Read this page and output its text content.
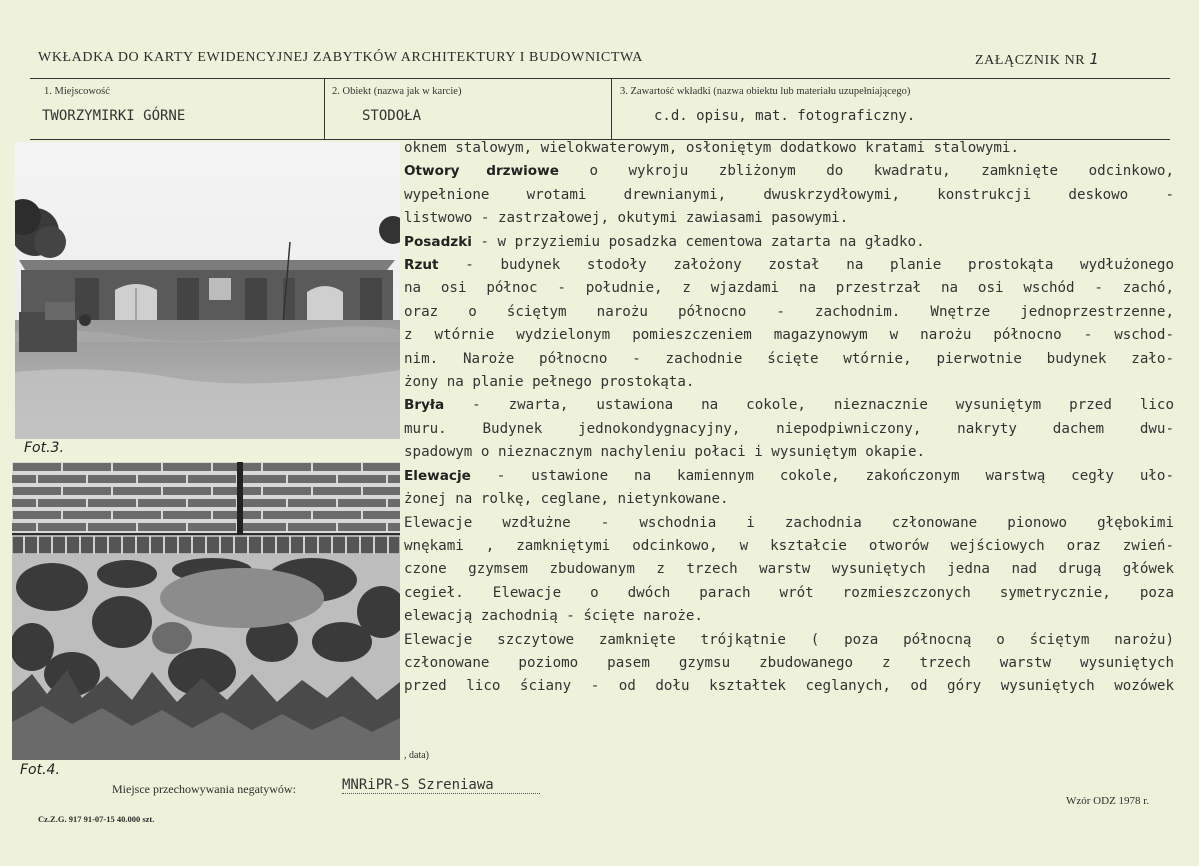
WKŁADKA DO KARTY EWIDENCYJNEJ ZABYTKÓW ARCHITEKTURY I BUDOWNICTWA	ZAŁĄCZNIK NR 1
1. Miejscowość
TWORZYMIRKI GÓRNE
2. Obiekt (nazwa jak w karcie)
STODOŁA
3. Zawartość wkładki (nazwa obiektu lub materiału uzupełniającego)
c.d. opisu, mat. fotograficzny.
Fot.3.
Fot.4.

oknem stalowym, wielokwaterowym, osłoniętym dodatkowo kratami stalowymi.

Otwory drzwiowe o wykroju zbliżonym do kwadratu, zamknięte odcinkowo,

wypełnione wrotami drewnianymi, dwuskrzydłowymi, konstrukcji deskowo -

listwowo - zastrzałowej, okutymi zawiasami pasowymi.

Posadzki - w przyziemiu posadzka cementowa zatarta na gładko.

Rzut - budynek stodoły założony został na planie prostokąta wydłużonego

na osi północ - południe, z wjazdami na przestrzał na osi wschód - zachó,

oraz o ściętym narożu północno - zachodnim. Wnętrze jednoprzestrzenne,

z wtórnie wydzielonym pomieszczeniem magazynowym w narożu północno - wschod-

nim. Naroże północno - zachodnie ścięte wtórnie, pierwotnie budynek zało-

żony na planie pełnego prostokąta.

Bryła - zwarta, ustawiona na cokole, nieznacznie wysuniętym przed lico

muru. Budynek jednokondygnacyjny, niepodpiwniczony, nakryty dachem dwu-

spadowym o nieznacznym nachyleniu połaci i wysuniętym okapie.

Elewacje - ustawione na kamiennym cokole, zakończonym warstwą cegły uło-

żonej na rolkę, ceglane, nietynkowane.

Elewacje wzdłużne - wschodnia i zachodnia członowane pionowo głębokimi

wnękami , zamkniętymi odcinkowo, w kształcie otworów wejściowych oraz zwień-

czone gzymsem zbudowanym z trzech warstw wysuniętych jedna nad drugą główek

cegieł. Elewacje o dwóch parach wrót rozmieszczonych symetrycznie, poza

elewacją zachodnią - ścięte naroże.

Elewacje szczytowe zamknięte trójkątnie ( poza północną o ściętym narożu)

członowane poziomo pasem gzymsu zbudowanego z trzech warstw wysuniętych

przed lico ściany - od dołu kształtek ceglanych, od góry wysuniętych wozówek

, data)
Miejsce przechowywania negatywów:	MNRiPR-S Szreniawa
Cz.Z.G. 917 91-07-15 40.000 szt.
Wzór ODZ 1978 r.
